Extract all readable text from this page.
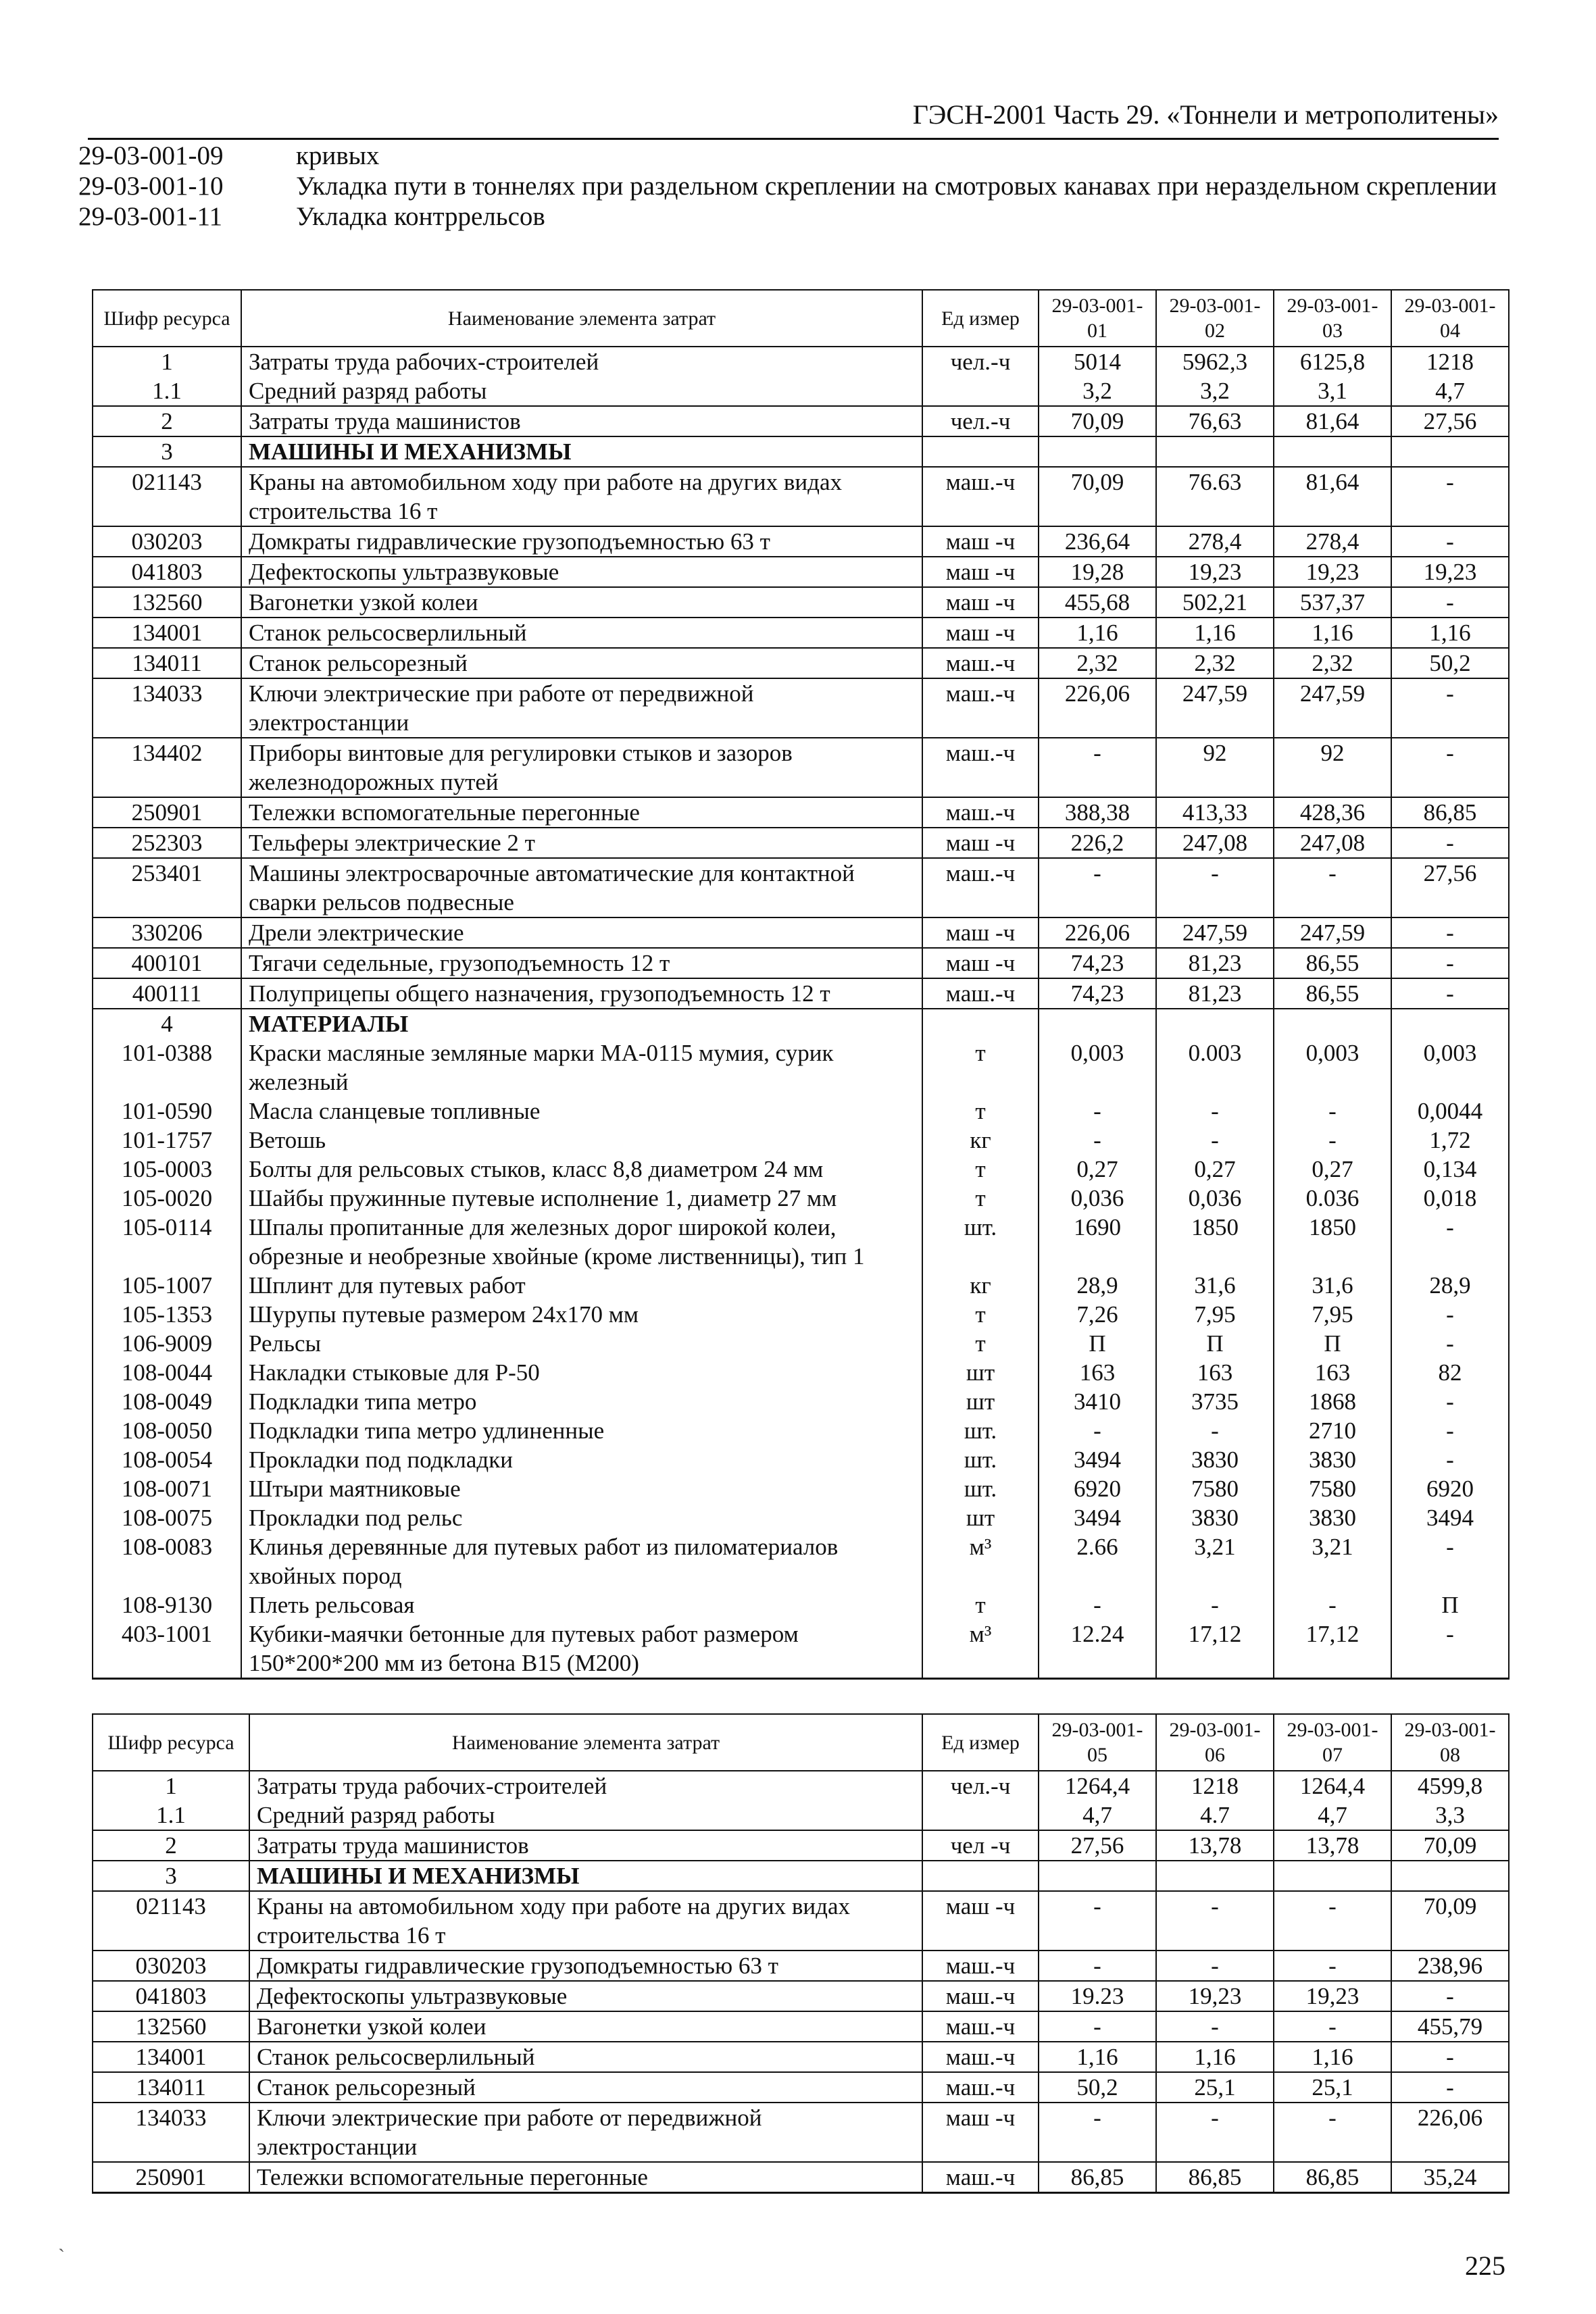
ГЭСН-2001 Часть 29. «Тоннели и метрополитены»
29-03-001-09	кривых
29-03-001-10	Укладка пути в тоннелях при раздельном скреплении на смотровых канавах при нераздельном скреплении
29-03-001-11	Укладка контррельсов
Шифр ресурса	Наименование элемента затрат	Ед измер	29-03-001-01	29-03-001-02	29-03-001-03	29-03-001-04
1	Затраты труда рабочих-строителей	чел.-ч	5014	5962,3	6125,8	1218
1.1	Средний разряд работы		3,2	3,2	3,1	4,7
2	Затраты труда машинистов	чел.-ч	70,09	76,63	81,64	27,56
3	МАШИНЫ И МЕХАНИЗМЫ					
021143	Краны на автомобильном ходу при работе на других видах строительства 16 т	маш.-ч	70,09	76.63	81,64	-
030203	Домкраты гидравлические грузоподъемностью 63 т	маш -ч	236,64	278,4	278,4	-
041803	Дефектоскопы ультразвуковые	маш -ч	19,28	19,23	19,23	19,23
132560	Вагонетки узкой колеи	маш -ч	455,68	502,21	537,37	-
134001	Станок рельсосверлильный	маш -ч	1,16	1,16	1,16	1,16
134011	Станок рельсорезный	маш.-ч	2,32	2,32	2,32	50,2
134033	Ключи электрические при работе от передвижной электростанции	маш.-ч	226,06	247,59	247,59	-
134402	Приборы винтовые для регулировки стыков и зазоров железнодорожных путей	маш.-ч	-	92	92	-
250901	Тележки вспомогательные перегонные	маш.-ч	388,38	413,33	428,36	86,85
252303	Тельферы электрические 2 т	маш -ч	226,2	247,08	247,08	-
253401	Машины электросварочные автоматические для контактной сварки рельсов подвесные	маш.-ч	-	-	-	27,56
330206	Дрели электрические	маш -ч	226,06	247,59	247,59	-
400101	Тягачи седельные, грузоподъемность 12 т	маш -ч	74,23	81,23	86,55	-
400111	Полуприцепы общего назначения, грузоподъемность 12 т	маш.-ч	74,23	81,23	86,55	-
4	МАТЕРИАЛЫ					
101-0388	Краски масляные земляные марки МА-0115 мумия, сурик железный	т	0,003	0.003	0,003	0,003
101-0590	Масла сланцевые топливные	т	-	-	-	0,0044
101-1757	Ветошь	кг	-	-	-	1,72
105-0003	Болты для рельсовых стыков, класс 8,8 диаметром 24 мм	т	0,27	0,27	0,27	0,134
105-0020	Шайбы пружинные путевые исполнение 1, диаметр 27 мм	т	0,036	0,036	0.036	0,018
105-0114	Шпалы пропитанные для железных дорог широкой колеи, обрезные и необрезные хвойные (кроме лиственницы), тип 1	шт.	1690	1850	1850	-
105-1007	Шплинт для путевых работ	кг	28,9	31,6	31,6	28,9
105-1353	Шурупы путевые размером 24х170 мм	т	7,26	7,95	7,95	-
106-9009	Рельсы	т	П	П	П	-
108-0044	Накладки стыковые для Р-50	шт	163	163	163	82
108-0049	Подкладки типа метро	шт	3410	3735	1868	-
108-0050	Подкладки типа метро удлиненные	шт.	-	-	2710	-
108-0054	Прокладки под подкладки	шт.	3494	3830	3830	-
108-0071	Штыри маятниковые	шт.	6920	7580	7580	6920
108-0075	Прокладки под рельс	шт	3494	3830	3830	3494
108-0083	Клинья деревянные для путевых работ из пиломатериалов хвойных пород	м³	2.66	3,21	3,21	-
108-9130	Плеть рельсовая	т	-	-	-	П
403-1001	Кубики-маячки бетонные для путевых работ размером 150*200*200 мм из бетона В15 (М200)	м³	12.24	17,12	17,12	-
Шифр ресурса	Наименование элемента затрат	Ед измер	29-03-001-05	29-03-001-06	29-03-001-07	29-03-001-08
1	Затраты труда рабочих-строителей	чел.-ч	1264,4	1218	1264,4	4599,8
1.1	Средний разряд работы		4,7	4.7	4,7	3,3
2	Затраты труда машинистов	чел -ч	27,56	13,78	13,78	70,09
3	МАШИНЫ И МЕХАНИЗМЫ					
021143	Краны на автомобильном ходу при работе на других видах строительства 16 т	маш -ч	-	-	-	70,09
030203	Домкраты гидравлические грузоподъемностью 63 т	маш.-ч	-	-	-	238,96
041803	Дефектоскопы ультразвуковые	маш.-ч	19.23	19,23	19,23	-
132560	Вагонетки узкой колеи	маш.-ч	-	-	-	455,79
134001	Станок рельсосверлильный	маш.-ч	1,16	1,16	1,16	-
134011	Станок рельсорезный	маш.-ч	50,2	25,1	25,1	-
134033	Ключи электрические при работе от передвижной электростанции	маш -ч	-	-	-	226,06
250901	Тележки вспомогательные перегонные	маш.-ч	86,85	86,85	86,85	35,24
`	225
